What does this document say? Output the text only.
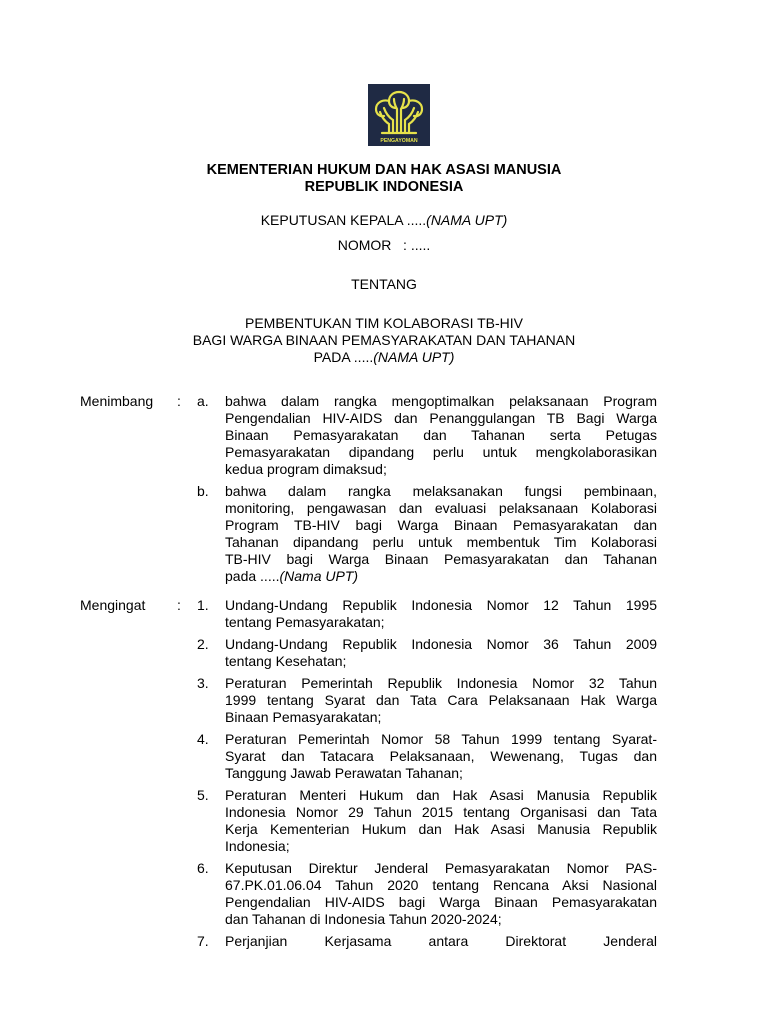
PENGAYOMAN
KEMENTERIAN HUKUM DAN HAK ASASI MANUSIA
REPUBLIK INDONESIA
KEPUTUSAN KEPALA .....(NAMA UPT)
NOMOR   : .....
TENTANG
PEMBENTUKAN TIM KOLABORASI TB-HIV
BAGI WARGA BINAAN PEMASYARAKATAN DAN TAHANAN
PADA .....(NAMA UPT)
Menimbang	: a.	bahwa dalam rangka mengoptimalkan pelaksanaan Program
Pengendalian HIV-AIDS dan Penanggulangan TB Bagi Warga
Binaan Pemasyarakatan dan Tahanan serta Petugas
Pemasyarakatan dipandang perlu untuk mengkolaborasikan
kedua program dimaksud;
b.	bahwa dalam rangka melaksanakan fungsi pembinaan,
monitoring, pengawasan dan evaluasi pelaksanaan Kolaborasi
Program TB-HIV bagi Warga Binaan Pemasyarakatan dan
Tahanan dipandang perlu untuk membentuk Tim Kolaborasi
TB-HIV bagi Warga Binaan Pemasyarakatan dan Tahanan
pada .....(Nama UPT)
Mengingat	: 1.	Undang-Undang Republik Indonesia Nomor 12 Tahun 1995
tentang Pemasyarakatan;
2.	Undang-Undang Republik Indonesia Nomor 36 Tahun 2009
tentang Kesehatan;
3.	Peraturan Pemerintah Republik Indonesia Nomor 32 Tahun
1999 tentang Syarat dan Tata Cara Pelaksanaan Hak Warga
Binaan Pemasyarakatan;
4.	Peraturan Pemerintah Nomor 58 Tahun 1999 tentang Syarat-
Syarat dan Tatacara Pelaksanaan, Wewenang, Tugas dan
Tanggung Jawab Perawatan Tahanan;
5.	Peraturan Menteri Hukum dan Hak Asasi Manusia Republik
Indonesia Nomor 29 Tahun 2015 tentang Organisasi dan Tata
Kerja Kementerian Hukum dan Hak Asasi Manusia Republik
Indonesia;
6.	Keputusan Direktur Jenderal Pemasyarakatan Nomor PAS-
67.PK.01.06.04 Tahun 2020 tentang Rencana Aksi Nasional
Pengendalian HIV-AIDS bagi Warga Binaan Pemasyarakatan
dan Tahanan di Indonesia Tahun 2020-2024;
7.	Perjanjian Kerjasama antara Direktorat Jenderal
